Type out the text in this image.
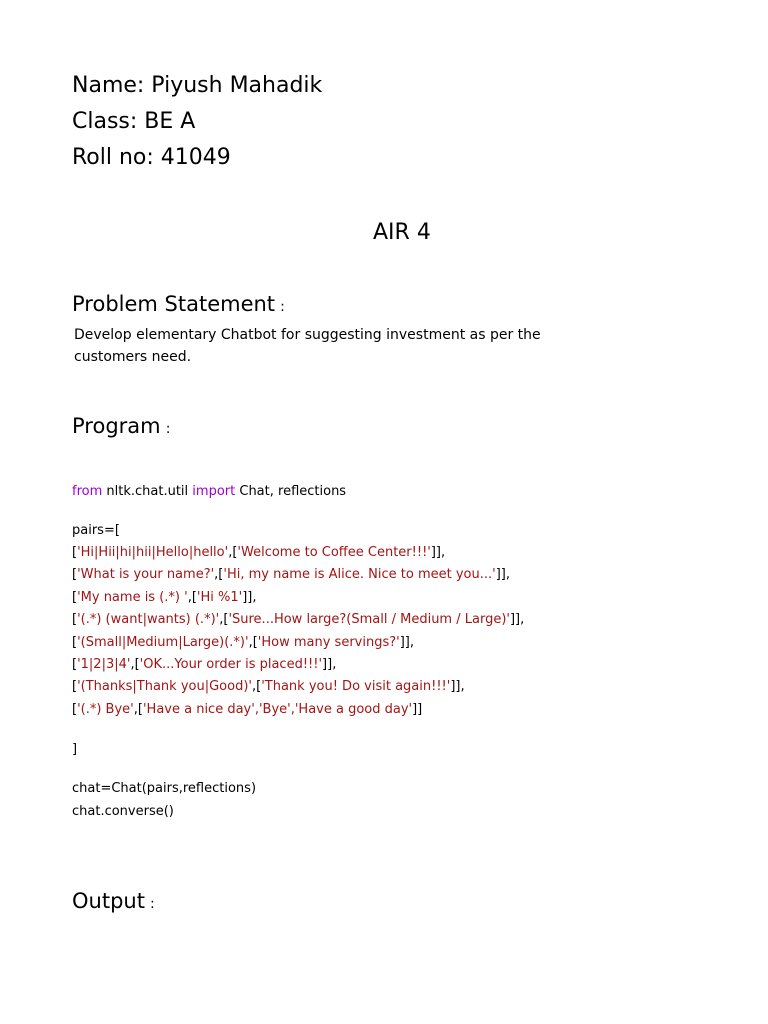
Name: Piyush Mahadik
Class: BE A
Roll no: 41049
AIR 4
Problem Statement :
Develop elementary Chatbot for suggesting investment as per the
customers need.
Program :
from nltk.chat.util import Chat, reflections
pairs=[
['Hi|Hii|hi|hii|Hello|hello',['Welcome to Coffee Center!!!']],
['What is your name?',['Hi, my name is Alice. Nice to meet you...']],
['My name is (.*) ',['Hi %1']],
['(.*) (want|wants) (.*)',['Sure...How large?(Small / Medium / Large)']],
['(Small|Medium|Large)(.*)',['How many servings?']],
['1|2|3|4',['OK...Your order is placed!!!']],
['(Thanks|Thank you|Good)',['Thank you! Do visit again!!!']],
['(.*) Bye',['Have a nice day','Bye','Have a good day']]
]
chat=Chat(pairs,reflections)
chat.converse()
Output :
